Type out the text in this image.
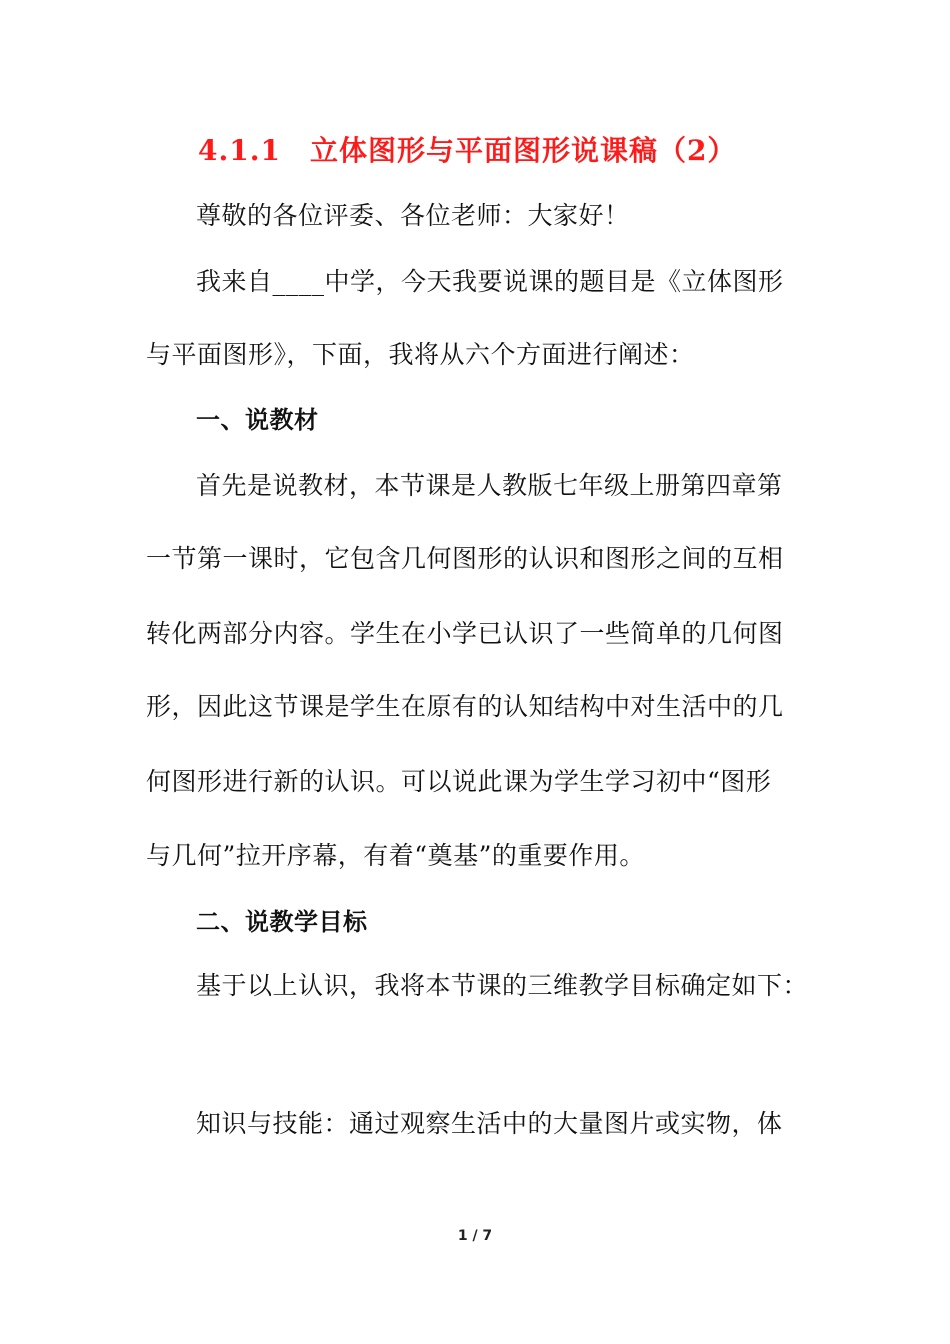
4.1.1　立体图形与平面图形说课稿（2）
尊敬的各位评委、各位老师：大家好！
我来自____中学，今天我要说课的题目是《立体图形
与平面图形》，下面，我将从六个方面进行阐述：
一、说教材
首先是说教材，本节课是人教版七年级上册第四章第
一节第一课时，它包含几何图形的认识和图形之间的互相
转化两部分内容。学生在小学已认识了一些简单的几何图
形，因此这节课是学生在原有的认知结构中对生活中的几
何图形进行新的认识。可以说此课为学生学习初中“图形
与几何”拉开序幕，有着“奠基”的重要作用。
二、说教学目标
基于以上认识，我将本节课的三维教学目标确定如下：
知识与技能：通过观察生活中的大量图片或实物，体
1 / 7
